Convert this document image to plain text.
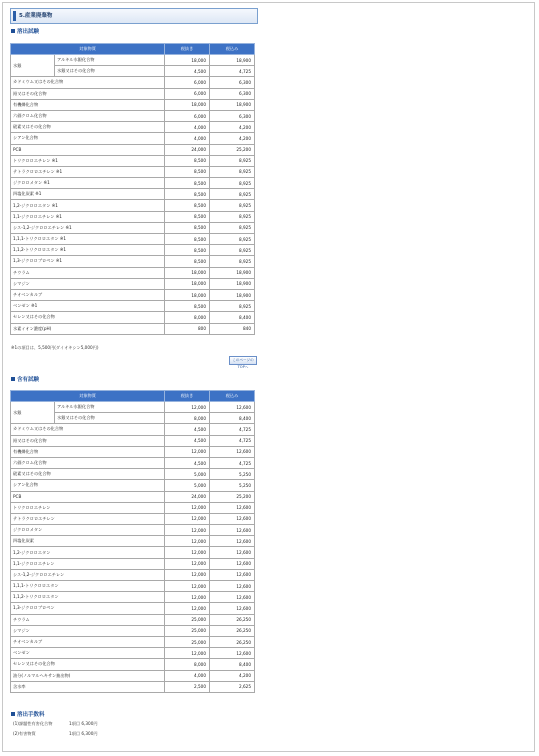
5.産業廃棄物
溶出試験
対象物質		税抜き	税込み
水銀	アルキル水銀化合物	18,000	18,900
	水銀又はその化合物	4,500	4,725
カドミウム又はその化合物		6,000	6,300
鉛又はその化合物		6,000	6,300
有機燐化合物		18,000	18,900
六価クロム化合物		6,000	6,300
砒素又はその化合物		4,000	4,200
シアン化合物		4,000	4,200
PCB		24,000	25,200
トリクロロエチレン ※1		8,500	8,925
テトラクロロエチレン ※1		8,500	8,925
ジクロロメタン ※1		8,500	8,925
四塩化炭素 ※1		8,500	8,925
1,2-ジクロロエタン ※1		8,500	8,925
1,1-ジクロロエチレン ※1		8,500	8,925
シス-1,2-ジクロロエチレン ※1		8,500	8,925
1,1,1-トリクロロエタン ※1		8,500	8,925
1,1,2-トリクロロエタン ※1		8,500	8,925
1,3-ジクロロプロペン ※1		8,500	8,925
チウラム		18,000	18,900
シマジン		18,000	18,900
チオベンカルブ		18,000	18,900
ベンゼン ※1		8,500	8,925
セレン又はその化合物		8,000	8,400
水素イオン濃度(pH)		800	840
※1の項目は、5,500円(ダイオキシン5,000円)
このページのTOPへ
含有試験
対象物質		税抜き	税込み
水銀	アルキル水銀化合物	12,000	12,600
	水銀又はその化合物	8,000	8,400
カドミウム又はその化合物		4,500	4,725
鉛又はその化合物		4,500	4,725
有機燐化合物		12,000	12,600
六価クロム化合物		4,500	4,725
砒素又はその化合物		5,000	5,250
シアン化合物		5,000	5,250
PCB		24,000	25,200
トリクロロエチレン		12,000	12,600
テトラクロロエチレン		12,000	12,600
ジクロロメタン		12,000	12,600
四塩化炭素		12,000	12,600
1,2-ジクロロエタン		12,000	12,600
1,1-ジクロロエチレン		12,000	12,600
シス-1,2-ジクロロエチレン		12,000	12,600
1,1,1-トリクロロエタン		12,000	12,600
1,1,2-トリクロロエタン		12,000	12,600
1,3-ジクロロプロペン		12,000	12,600
チウラム		25,000	26,250
シマジン		25,000	26,250
チオベンカルブ		25,000	26,250
ベンゼン		12,000	12,600
セレン又はその化合物		8,000	8,400
油分(ノルマルヘキサン抽出物)		4,000	4,200
含水率		2,500	2,625
溶出手数料
(1)課題性有害化合物	1項目 6,300円
(2)有害物質	1項目 6,300円
